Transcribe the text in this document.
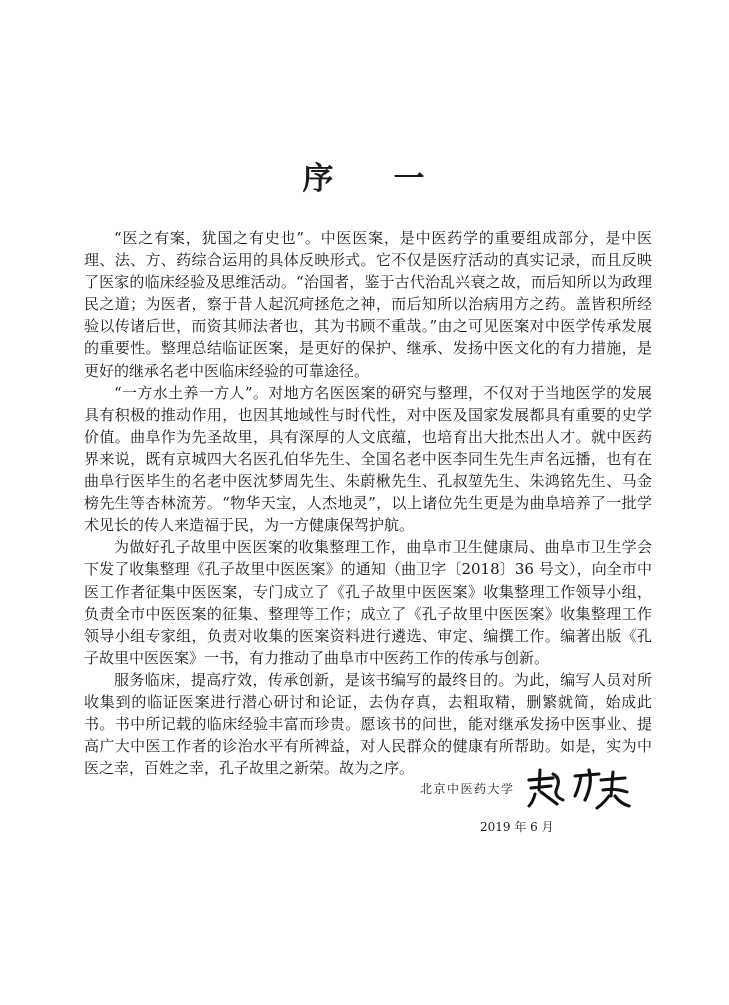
序 一

“医之有案，犹国之有史也”。中医医案，是中医药学的重要组成部分，是中医理、法、方、药综合运用的具体反映形式。它不仅是医疗活动的真实记录，而且反映了医家的临床经验及思维活动。“治国者，鉴于古代治乱兴衰之故，而后知所以为政理民之道；为医者，察于昔人起沉疴拯危之神，而后知所以治病用方之药。盖皆积所经验以传诸后世，而资其师法者也，其为书顾不重哉。”由之可见医案对中医学传承发展的重要性。整理总结临证医案，是更好的保护、继承、发扬中医文化的有力措施，是更好的继承名老中医临床经验的可靠途径。

“一方水土养一方人”。对地方名医医案的研究与整理，不仅对于当地医学的发展具有积极的推动作用，也因其地域性与时代性，对中医及国家发展都具有重要的史学价值。曲阜作为先圣故里，具有深厚的人文底蕴，也培育出大批杰出人才。就中医药界来说，既有京城四大名医孔伯华先生、全国名老中医李同生先生声名远播，也有在曲阜行医毕生的名老中医沈梦周先生、朱蔚楸先生、孔叔堃先生、朱鸿铭先生、马金榜先生等杏林流芳。“物华天宝，人杰地灵”，以上诸位先生更是为曲阜培养了一批学术见长的传人来造福于民，为一方健康保驾护航。

为做好孔子故里中医医案的收集整理工作，曲阜市卫生健康局、曲阜市卫生学会下发了收集整理《孔子故里中医医案》的通知（曲卫字〔2018〕36 号文），向全市中医工作者征集中医医案，专门成立了《孔子故里中医医案》收集整理工作领导小组，负责全市中医医案的征集、整理等工作；成立了《孔子故里中医医案》收集整理工作领导小组专家组，负责对收集的医案资料进行遴选、审定、编撰工作。编著出版《孔子故里中医医案》一书，有力推动了曲阜市中医药工作的传承与创新。

服务临床，提高疗效，传承创新，是该书编写的最终目的。为此，编写人员对所收集到的临证医案进行潜心研讨和论证，去伪存真，去粗取精，删繁就简，始成此书。书中所记载的临床经验丰富而珍贵。愿该书的问世，能对继承发扬中医事业、提高广大中医工作者的诊治水平有所裨益，对人民群众的健康有所帮助。如是，实为中医之幸，百姓之幸，孔子故里之新荣。故为之序。

北京中医药大学
2019 年 6 月
